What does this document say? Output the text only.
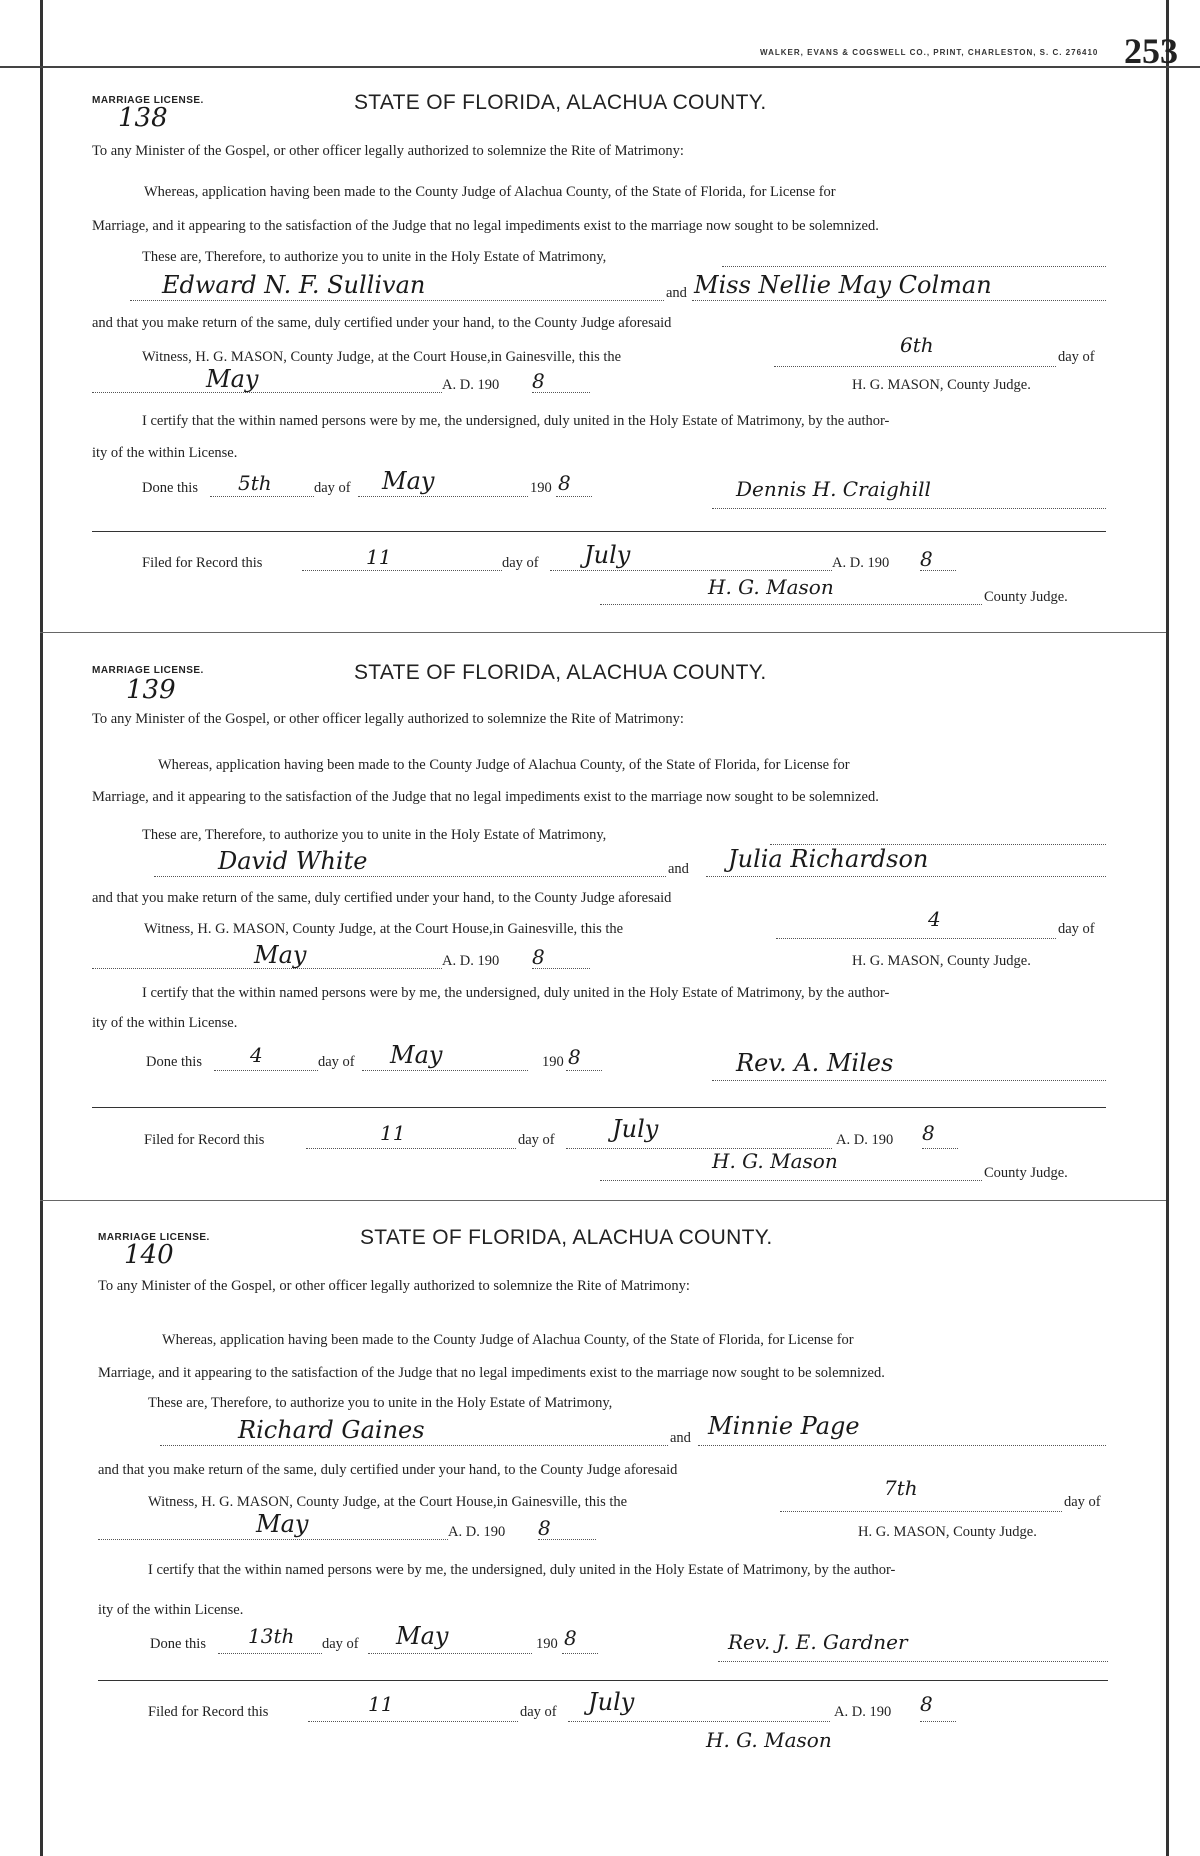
WALKER, EVANS & COGSWELL CO., PRINT, CHARLESTON, S. C. 276410 253
MARRIAGE LICENSE.
138
STATE OF FLORIDA, ALACHUA COUNTY.
To any Minister of the Gospel, or other officer legally authorized to solemnize the Rite of Matrimony:
Whereas, application having been made to the County Judge of Alachua County, of the State of Florida, for License for
Marriage, and it appearing to the satisfaction of the Judge that no legal impediments exist to the marriage now sought to be solemnized.
These are, Therefore, to authorize you to unite in the Holy Estate of Matrimony,
Edward N. F. Sullivan	and Miss Nellie May Colman
and that you make return of the same, duly certified under your hand, to the County Judge aforesaid
Witness, H. G. MASON, County Judge, at the Court House,in Gainesville, this the	6th	day of
May	A. D. 190 8	H. G. MASON, County Judge.
I certify that the within named persons were by me, the undersigned, duly united in the Holy Estate of Matrimony, by the author-
ity of the within License.
Done this 5th	day of May	190 8	Dennis H. Craighill
Filed for Record this	11	day of July	A. D. 190 8
H. G. Mason	County Judge.
MARRIAGE LICENSE.
139
STATE OF FLORIDA, ALACHUA COUNTY.
To any Minister of the Gospel, or other officer legally authorized to solemnize the Rite of Matrimony:
Whereas, application having been made to the County Judge of Alachua County, of the State of Florida, for License for
Marriage, and it appearing to the satisfaction of the Judge that no legal impediments exist to the marriage now sought to be solemnized.
These are, Therefore, to authorize you to unite in the Holy Estate of Matrimony,
David White	and Julia Richardson
and that you make return of the same, duly certified under your hand, to the County Judge aforesaid
Witness, H. G. MASON, County Judge, at the Court House,in Gainesville, this the	4	day of
May	A. D. 190 8	H. G. MASON, County Judge.
I certify that the within named persons were by me, the undersigned, duly united in the Holy Estate of Matrimony, by the author-
ity of the within License.
Done this 4	day of May	190 8	Rev. A. Miles
Filed for Record this	11	day of July	A. D. 190 8
H. G. Mason	County Judge.
MARRIAGE LICENSE.
140
STATE OF FLORIDA, ALACHUA COUNTY.
To any Minister of the Gospel, or other officer legally authorized to solemnize the Rite of Matrimony:
Whereas, application having been made to the County Judge of Alachua County, of the State of Florida, for License for
Marriage, and it appearing to the satisfaction of the Judge that no legal impediments exist to the marriage now sought to be solemnized.
These are, Therefore, to authorize you to unite in the Holy Estate of Matrimony,
Richard Gaines	and Minnie Page
and that you make return of the same, duly certified under your hand, to the County Judge aforesaid
Witness, H. G. MASON, County Judge, at the Court House,in Gainesville, this the
7th
day of
May	A. D. 190 8	H. G. MASON, County Judge.
I certify that the within named persons were by me, the undersigned, duly united in the Holy Estate of Matrimony, by the author-
ity of the within License.
Done this 13th day of May	190 8	Rev. J. E. Gardner
Filed for Record this	11	day of July	A. D. 190 8
H. G. Mason
